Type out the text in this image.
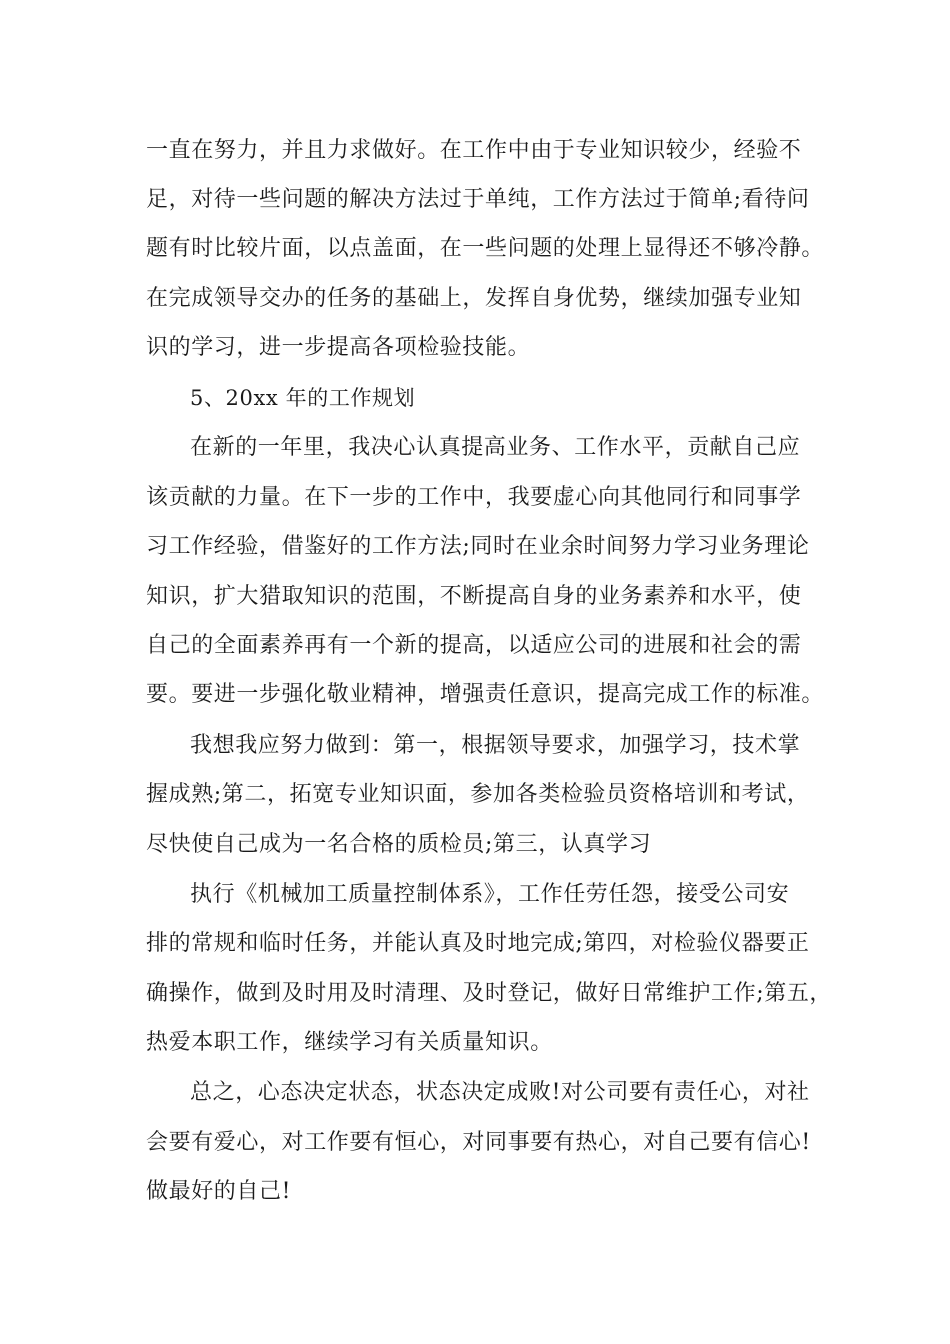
一直在努力，并且力求做好。在工作中由于专业知识较少，经验不
足，对待一些问题的解决方法过于单纯，工作方法过于简单;看待问
题有时比较片面，以点盖面，在一些问题的处理上显得还不够冷静。
在完成领导交办的任务的基础上，发挥自身优势，继续加强专业知
识的学习，进一步提高各项检验技能。
5、20xx 年的工作规划
在新的一年里，我决心认真提高业务、工作水平，贡献自己应
该贡献的力量。在下一步的工作中，我要虚心向其他同行和同事学
习工作经验，借鉴好的工作方法;同时在业余时间努力学习业务理论
知识，扩大猎取知识的范围，不断提高自身的业务素养和水平，使
自己的全面素养再有一个新的提高，以适应公司的进展和社会的需
要。要进一步强化敬业精神，增强责任意识，提高完成工作的标准。
我想我应努力做到：第一，根据领导要求，加强学习，技术掌
握成熟;第二，拓宽专业知识面，参加各类检验员资格培训和考试，
尽快使自己成为一名合格的质检员;第三，认真学习
执行《机械加工质量控制体系》，工作任劳任怨，接受公司安
排的常规和临时任务，并能认真及时地完成;第四，对检验仪器要正
确操作，做到及时用及时清理、及时登记，做好日常维护工作;第五，
热爱本职工作，继续学习有关质量知识。
总之，心态决定状态，状态决定成败!对公司要有责任心，对社
会要有爱心，对工作要有恒心，对同事要有热心，对自己要有信心!
做最好的自己!
